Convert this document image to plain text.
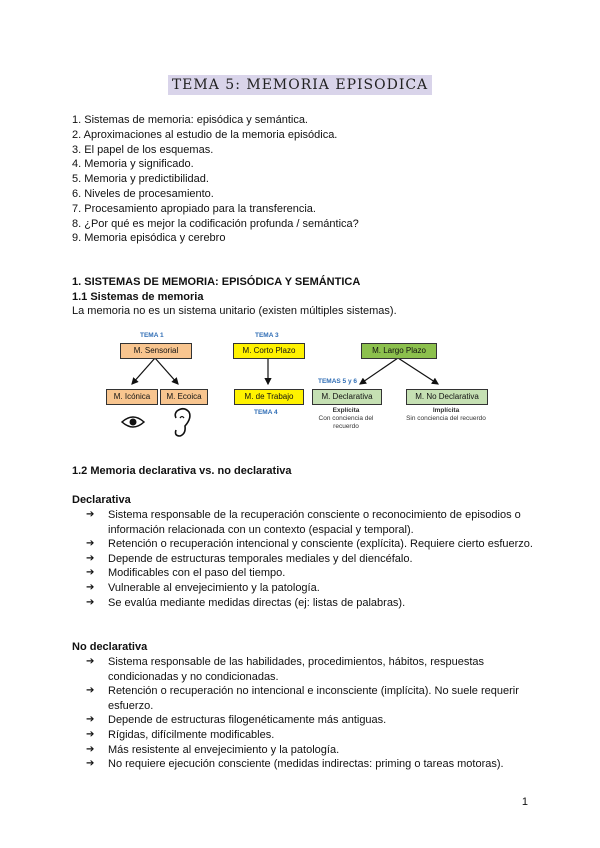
TEMA 5: MEMORIA EPISODICA
1. Sistemas de memoria: episódica y semántica.
2. Aproximaciones al estudio de la memoria episódica.
3. El papel de los esquemas.
4. Memoria y significado.
5. Memoria y predictibilidad.
6. Niveles de procesamiento.
7. Procesamiento apropiado para la transferencia.
8. ¿Por qué es mejor la codificación profunda / semántica?
9. Memoria episódica y cerebro
1. SISTEMAS DE MEMORIA: EPISÓDICA Y SEMÁNTICA
1.1 Sistemas de memoria
La memoria no es un sistema unitario (existen múltiples sistemas).
TEMA 1	TEMA 3
TEMA 4
TEMAS 5 y 6
M. Sensorial	M. Corto Plazo	M. Largo Plazo
M. Icónica	M. Ecoica	M. de Trabajo	M. Declarativa	M. No Declarativa
Explícita
Con conciencia del recuerdo
Implícita
Sin conciencia del recuerdo
1.2 Memoria declarativa vs. no declarativa
Declarativa
➔ Sistema responsable de la recuperación consciente o reconocimiento de episodios o información relacionada con un contexto (espacial y temporal).
➔ Retención o recuperación intencional y consciente (explícita). Requiere cierto esfuerzo.
➔ Depende de estructuras temporales mediales y del diencéfalo.
➔ Modificables con el paso del tiempo.
➔ Vulnerable al envejecimiento y la patología.
➔ Se evalúa mediante medidas directas (ej: listas de palabras).
No declarativa
➔ Sistema responsable de las habilidades, procedimientos, hábitos, respuestas condicionadas y no condicionadas.
➔ Retención o recuperación no intencional e inconsciente (implícita). No suele requerir esfuerzo.
➔ Depende de estructuras filogenéticamente más antiguas.
➔ Rígidas, difícilmente modificables.
➔ Más resistente al envejecimiento y la patología.
➔ No requiere ejecución consciente (medidas indirectas: priming o tareas motoras).
1
